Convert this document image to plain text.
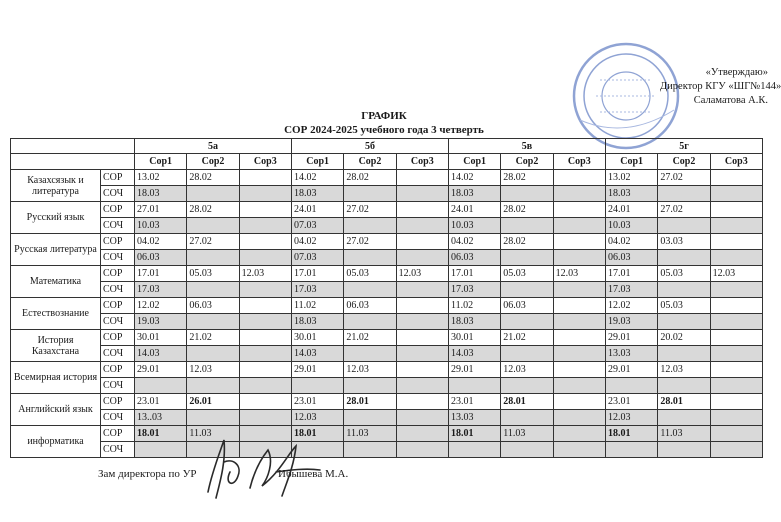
«Утверждаю»
Директор КГУ «ШГ№144»
Саламатова А.К.
ГРАФИК
СОР 2024-2025 учебного года 3 четверть
		5а			5б			5в			5г		
		Сор1	Сор2	Сор3	Сор1	Сор2	Сор3	Сор1	Сор2	Сор3	Сор1	Сор2	Сор3
Казахсязык и литература	СОР	13.02	28.02		14.02	28.02		14.02	28.02		13.02	27.02	
	СОЧ	18.03			18.03			18.03			18.03		
Русский язык	СОР	27.01	28.02		24.01	27.02		24.01	28.02		24.01	27.02	
	СОЧ	10.03			07.03			10.03			10.03		
Русская литература	СОР	04.02	27.02		04.02	27.02		04.02	28.02		04.02	03.03	
	СОЧ	06.03			07.03			06.03			06.03		
Математика	СОР	17.01	05.03	12.03	17.01	05.03	12.03	17.01	05.03	12.03	17.01	05.03	12.03
	СОЧ	17.03			17.03			17.03			17.03		
Естествознание	СОР	12.02	06.03		11.02	06.03		11.02	06.03		12.02	05.03	
	СОЧ	19.03			18.03			18.03			19.03		
История Казахстана	СОР	30.01	21.02		30.01	21.02		30.01	21.02		29.01	20.02	
	СОЧ	14.03			14.03			14.03			13.03		
Всемирная история	СОР	29.01	12.03		29.01	12.03		29.01	12.03		29.01	12.03	
	СОЧ												
Английский язык	СОР	23.01	26.01		23.01	28.01		23.01	28.01		23.01	28.01	
	СОЧ	13..03			12.03			13.03			12.03		
информатика	СОР	18.01	11.03		18.01	11.03		18.01	11.03		18.01	11.03	
	СОЧ												
Зам директора по УР	Ибышева М.А.
